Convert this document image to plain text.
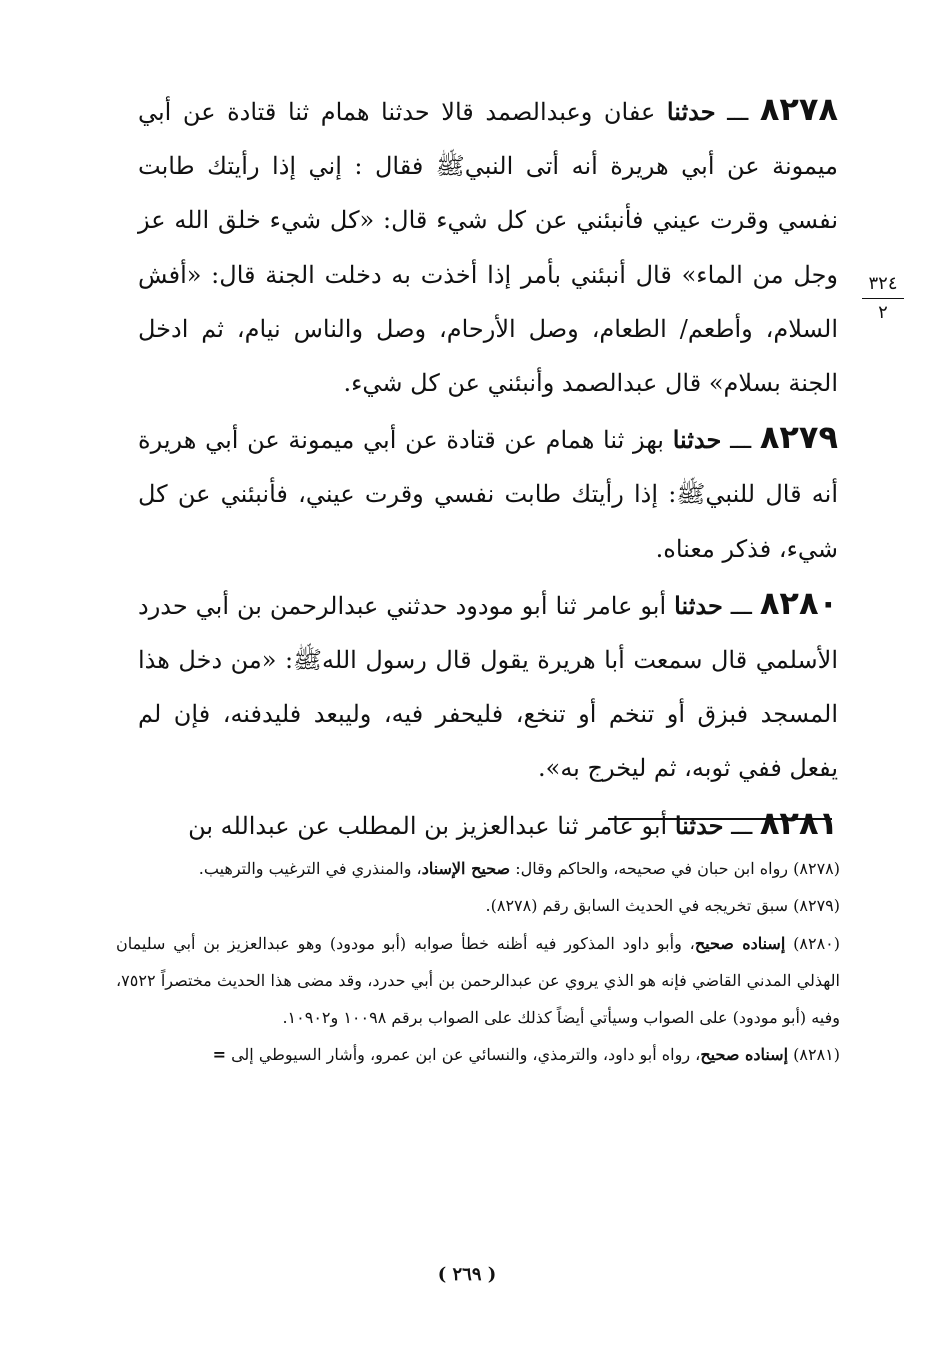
٣٢٤
٢

٨٢٧٨ ـــ حدثنا عفان وعبدالصمد قالا حدثنا همام ثنا قتادة عن أبي ميمونة عن أبي هريرة أنه أتى النبيﷺ فقال : إني إذا رأيتك طابت نفسي وقرت عيني فأنبئني عن كل شيء قال: «كل شيء خلق الله عز وجل من الماء» قال أنبئني بأمر إذا أخذت به دخلت الجنة قال: «أفش السلام، وأطعم/ الطعام، وصل الأرحام، وصل والناس نيام، ثم ادخل الجنة بسلام» قال عبدالصمد وأنبئني عن كل شيء.

٨٢٧٩ ـــ حدثنا بهز ثنا همام عن قتادة عن أبي ميمونة عن أبي هريرة أنه قال للنبيﷺ: إذا رأيتك طابت نفسي وقرت عيني، فأنبئني عن كل شيء، فذكر معناه.

٨٢٨٠ ـــ حدثنا أبو عامر ثنا أبو مودود حدثني عبدالرحمن بن أبي حدرد الأسلمي قال سمعت أبا هريرة يقول قال رسول اللهﷺ: «من دخل هذا المسجد فبزق أو تنخم أو تنخع، فليحفر فيه، وليبعد فليدفنه، فإن لم يفعل ففي ثوبه، ثم ليخرج به».

٨٢٨١ ـــ حدثنا أبو عامر ثنا عبدالعزيز بن المطلب عن عبدالله بن

(٨٢٧٨) رواه ابن حبان في صحيحه، والحاكم وقال: صحيح الإسناد، والمنذري في الترغيب والترهيب.

(٨٢٧٩) سبق تخريجه في الحديث السابق رقم (٨٢٧٨).

(٨٢٨٠) إسناده صحيح، وأبو داود المذكور فيه أظنه خطأ صوابه (أبو مودود) وهو عبدالعزيز بن أبي سليمان الهذلي المدني القاضي فإنه هو الذي يروي عن عبدالرحمن بن أبي حدرد، وقد مضى هذا الحديث مختصراً ٧٥٢٢، وفيه (أبو مودود) على الصواب وسيأتي أيضاً كذلك على الصواب برقم ١٠٠٩٨ و١٠٩٠٢.

(٨٢٨١) إسناده صحيح، رواه أبو داود، والترمذي، والنسائي عن ابن عمرو، وأشار السيوطي إلى =

( ٢٦٩ )
